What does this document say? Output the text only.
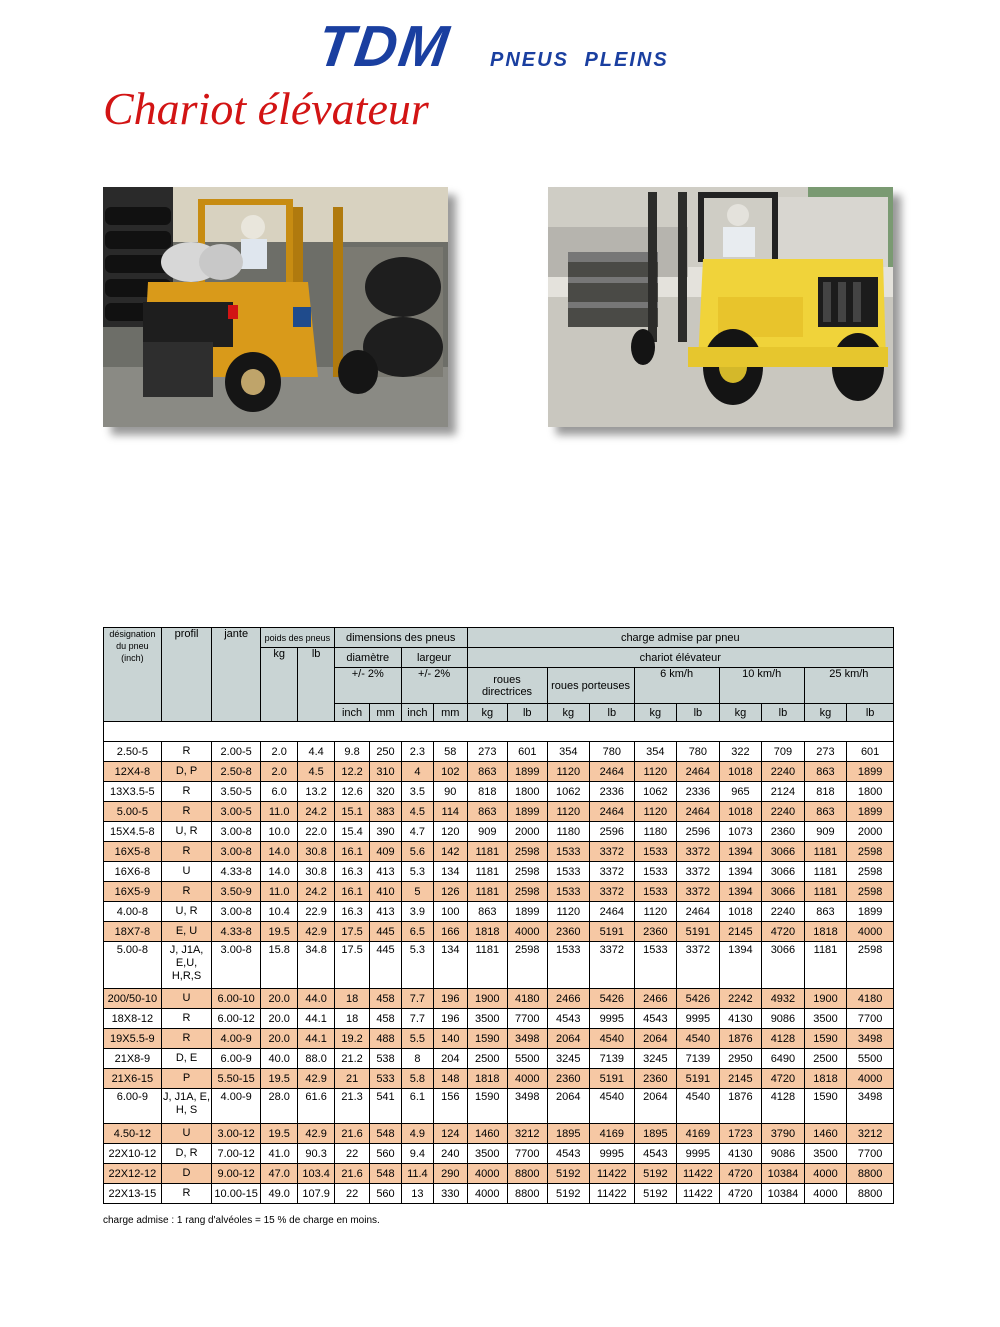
TDM PNEUS PLEINS
Chariot élévateur
désignation du pneu (inch)	profil	jante	poids des pneus		dimensions des pneus				charge admise par pneu									
			kg	lb	diamètre		largeur		chariot élévateur									
					+/- 2%		+/- 2%		roues directrices		roues porteuses		6 km/h		10 km/h		25 km/h	
					inch	mm	inch	mm	kg	lb	kg	lb	kg	lb	kg	lb	kg	lb

2.50-5	R	2.00-5	2.0	4.4	9.8	250	2.3	58	273	601	354	780	354	780	322	709	273	601
12X4-8	D, P	2.50-8	2.0	4.5	12.2	310	4	102	863	1899	1120	2464	1120	2464	1018	2240	863	1899
13X3.5-5	R	3.50-5	6.0	13.2	12.6	320	3.5	90	818	1800	1062	2336	1062	2336	965	2124	818	1800
5.00-5	R	3.00-5	11.0	24.2	15.1	383	4.5	114	863	1899	1120	2464	1120	2464	1018	2240	863	1899
15X4.5-8	U, R	3.00-8	10.0	22.0	15.4	390	4.7	120	909	2000	1180	2596	1180	2596	1073	2360	909	2000
16X5-8	R	3.00-8	14.0	30.8	16.1	409	5.6	142	1181	2598	1533	3372	1533	3372	1394	3066	1181	2598
16X6-8	U	4.33-8	14.0	30.8	16.3	413	5.3	134	1181	2598	1533	3372	1533	3372	1394	3066	1181	2598
16X5-9	R	3.50-9	11.0	24.2	16.1	410	5	126	1181	2598	1533	3372	1533	3372	1394	3066	1181	2598
4.00-8	U, R	3.00-8	10.4	22.9	16.3	413	3.9	100	863	1899	1120	2464	1120	2464	1018	2240	863	1899
18X7-8	E, U	4.33-8	19.5	42.9	17.5	445	6.5	166	1818	4000	2360	5191	2360	5191	2145	4720	1818	4000
5.00-8	J, J1A, E,U, H,R,S	3.00-8	15.8	34.8	17.5	445	5.3	134	1181	2598	1533	3372	1533	3372	1394	3066	1181	2598
200/50-10	U	6.00-10	20.0	44.0	18	458	7.7	196	1900	4180	2466	5426	2466	5426	2242	4932	1900	4180
18X8-12	R	6.00-12	20.0	44.1	18	458	7.7	196	3500	7700	4543	9995	4543	9995	4130	9086	3500	7700
19X5.5-9	R	4.00-9	20.0	44.1	19.2	488	5.5	140	1590	3498	2064	4540	2064	4540	1876	4128	1590	3498
21X8-9	D, E	6.00-9	40.0	88.0	21.2	538	8	204	2500	5500	3245	7139	3245	7139	2950	6490	2500	5500
21X6-15	P	5.50-15	19.5	42.9	21	533	5.8	148	1818	4000	2360	5191	2360	5191	2145	4720	1818	4000
6.00-9	J, J1A, E, H, S	4.00-9	28.0	61.6	21.3	541	6.1	156	1590	3498	2064	4540	2064	4540	1876	4128	1590	3498
4.50-12	U	3.00-12	19.5	42.9	21.6	548	4.9	124	1460	3212	1895	4169	1895	4169	1723	3790	1460	3212
22X10-12	D, R	7.00-12	41.0	90.3	22	560	9.4	240	3500	7700	4543	9995	4543	9995	4130	9086	3500	7700
22X12-12	D	9.00-12	47.0	103.4	21.6	548	11.4	290	4000	8800	5192	11422	5192	11422	4720	10384	4000	8800
22X13-15	R	10.00-15	49.0	107.9	22	560	13	330	4000	8800	5192	11422	5192	11422	4720	10384	4000	8800

charge admise : 1 rang d'alvéoles = 15 % de charge en moins.
